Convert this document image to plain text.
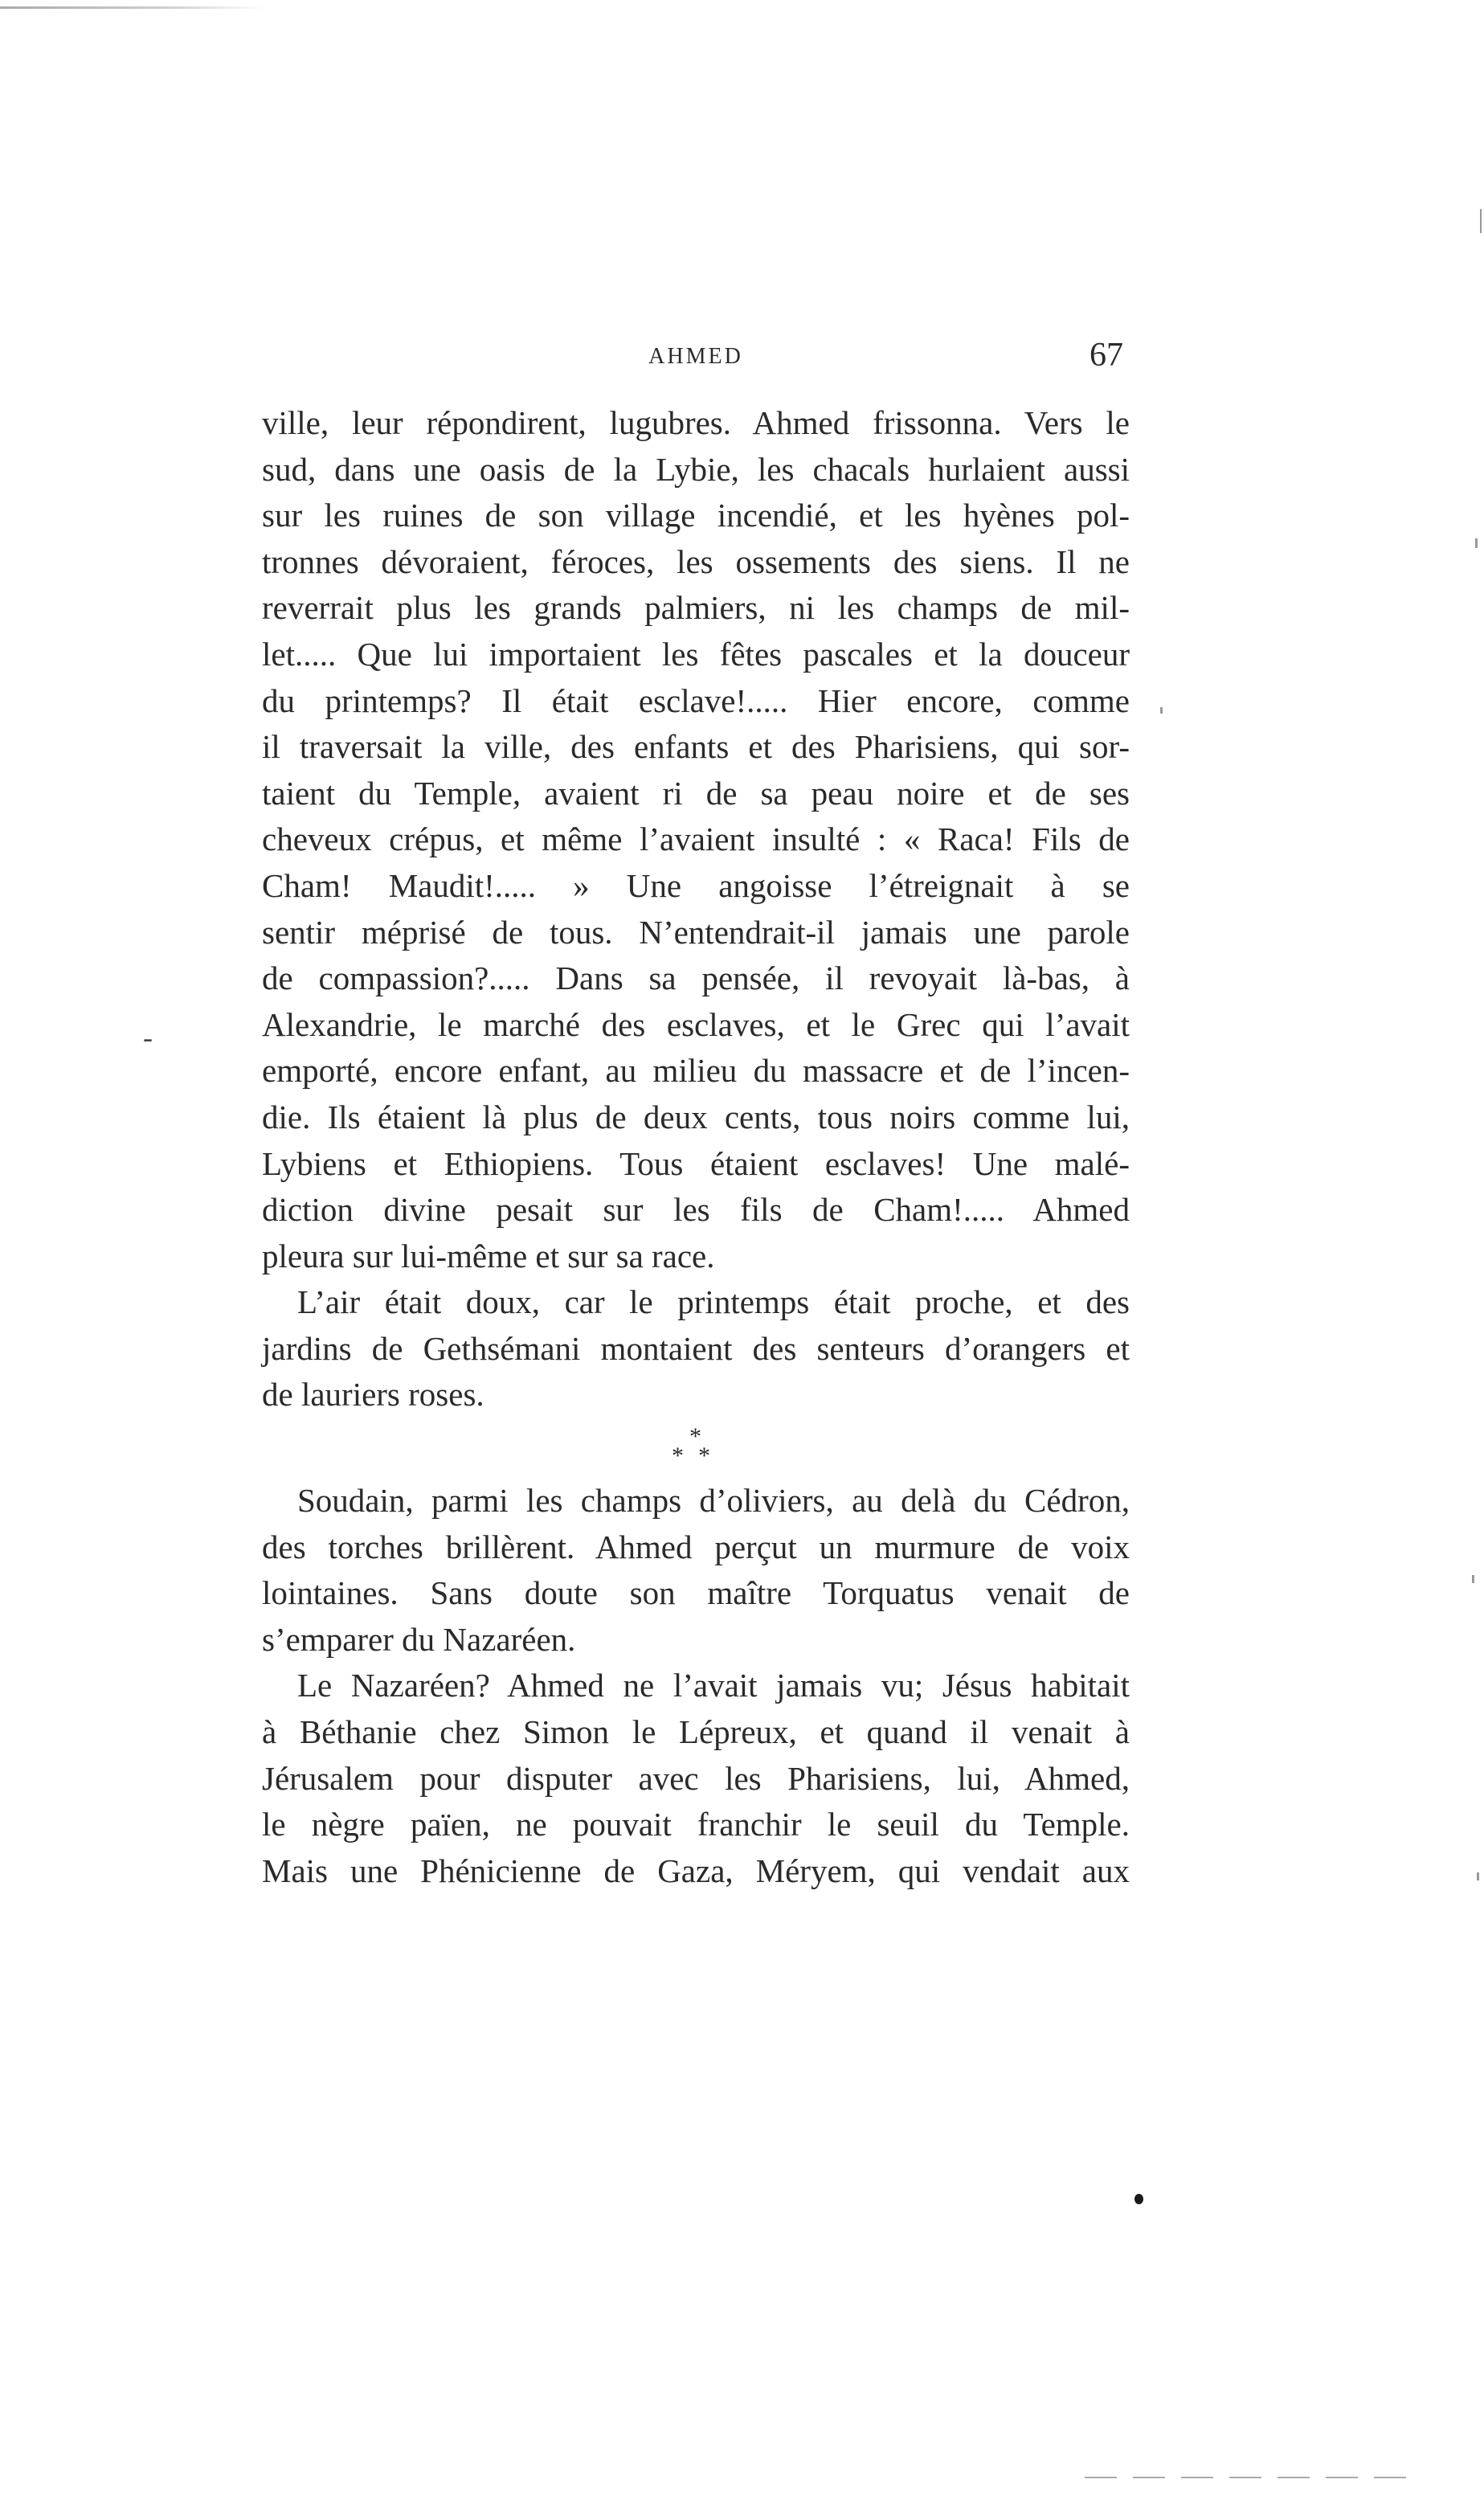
AHMED	67
-
ville, leur répondirent, lugubres. Ahmed frissonna. Vers le
sud, dans une oasis de la Lybie, les chacals hurlaient aussi
sur les ruines de son village incendié, et les hyènes pol-
tronnes dévoraient, féroces, les ossements des siens. Il ne
reverrait plus les grands palmiers, ni les champs de mil-
let..... Que lui importaient les fêtes pascales et la douceur
du printemps? Il était esclave!..... Hier encore, comme
il traversait la ville, des enfants et des Pharisiens, qui sor-
taient du Temple, avaient ri de sa peau noire et de ses
cheveux crépus, et même l’avaient insulté : « Raca! Fils de
Cham! Maudit!..... » Une angoisse l’étreignait à se
sentir méprisé de tous. N’entendrait-il jamais une parole
de compassion?..... Dans sa pensée, il revoyait là-bas, à
Alexandrie, le marché des esclaves, et le Grec qui l’avait
emporté, encore enfant, au milieu du massacre et de l’incen-
die. Ils étaient là plus de deux cents, tous noirs comme lui,
Lybiens et Ethiopiens. Tous étaient esclaves! Une malé-
diction divine pesait sur les fils de Cham!..... Ahmed
pleura sur lui-même et sur sa race.
L’air était doux, car le printemps était proche, et des
jardins de Gethsémani montaient des senteurs d’orangers et
de lauriers roses.
*
**
Soudain, parmi les champs d’oliviers, au delà du Cédron,
des torches brillèrent. Ahmed perçut un murmure de voix
lointaines. Sans doute son maître Torquatus venait de
s’emparer du Nazaréen.
Le Nazaréen? Ahmed ne l’avait jamais vu; Jésus habitait
à Béthanie chez Simon le Lépreux, et quand il venait à
Jérusalem pour disputer avec les Pharisiens, lui, Ahmed,
le nègre païen, ne pouvait franchir le seuil du Temple.
Mais une Phénicienne de Gaza, Méryem, qui vendait aux
